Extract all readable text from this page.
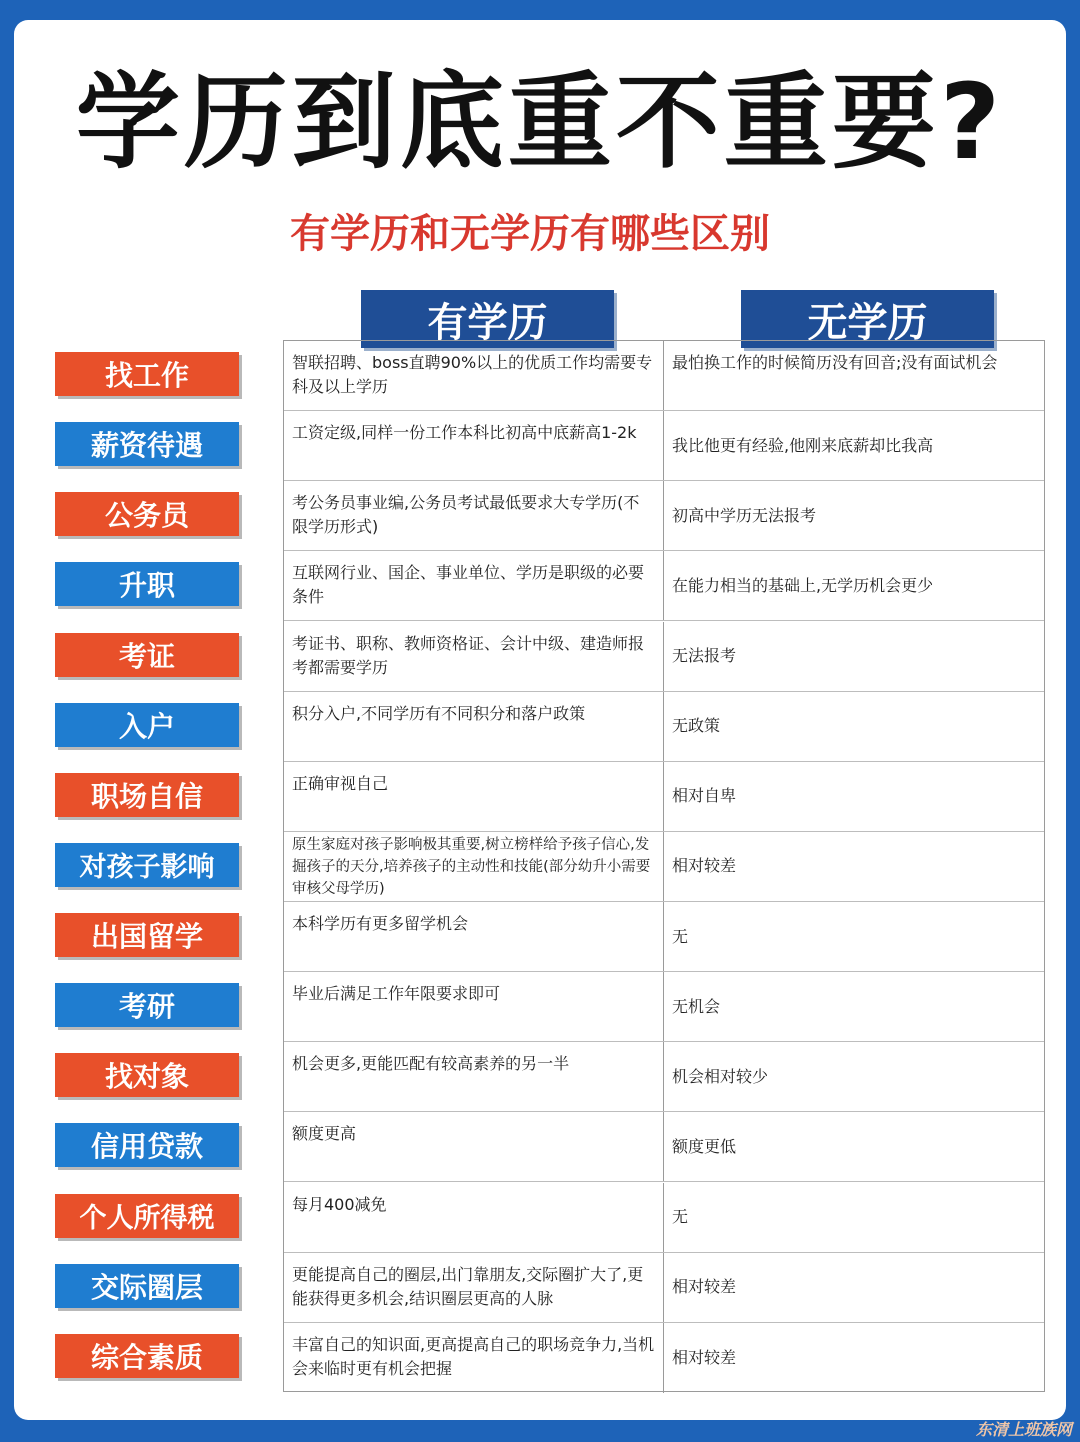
学历到底重不重要?
有学历和无学历有哪些区别
有学历	无学历
智联招聘、boss直聘90%以上的优质工作均需要专科及以上学历
最怕换工作的时候简历没有回音;没有面试机会
工资定级,同样一份工作本科比初高中底薪高1-2k
我比他更有经验,他刚来底薪却比我高
考公务员事业编,公务员考试最低要求大专学历(不限学历形式)
初高中学历无法报考
互联网行业、国企、事业单位、学历是职级的必要条件
在能力相当的基础上,无学历机会更少
考证书、职称、教师资格证、会计中级、建造师报考都需要学历
无法报考
积分入户,不同学历有不同积分和落户政策
无政策
正确审视自己
相对自卑
原生家庭对孩子影响极其重要,树立榜样给予孩子信心,发掘孩子的天分,培养孩子的主动性和技能(部分幼升小需要审核父母学历)
相对较差
本科学历有更多留学机会
无
毕业后满足工作年限要求即可
无机会
机会更多,更能匹配有较高素养的另一半
机会相对较少
额度更高
额度更低
每月400减免
无
更能提高自己的圈层,出门靠朋友,交际圈扩大了,更能获得更多机会,结识圈层更高的人脉
相对较差
丰富自己的知识面,更高提高自己的职场竞争力,当机会来临时更有机会把握
相对较差
找工作
薪资待遇
公务员
升职
考证
入户
职场自信
对孩子影响
出国留学
考研
找对象
信用贷款
个人所得税
交际圈层
综合素质
东清上班族网
